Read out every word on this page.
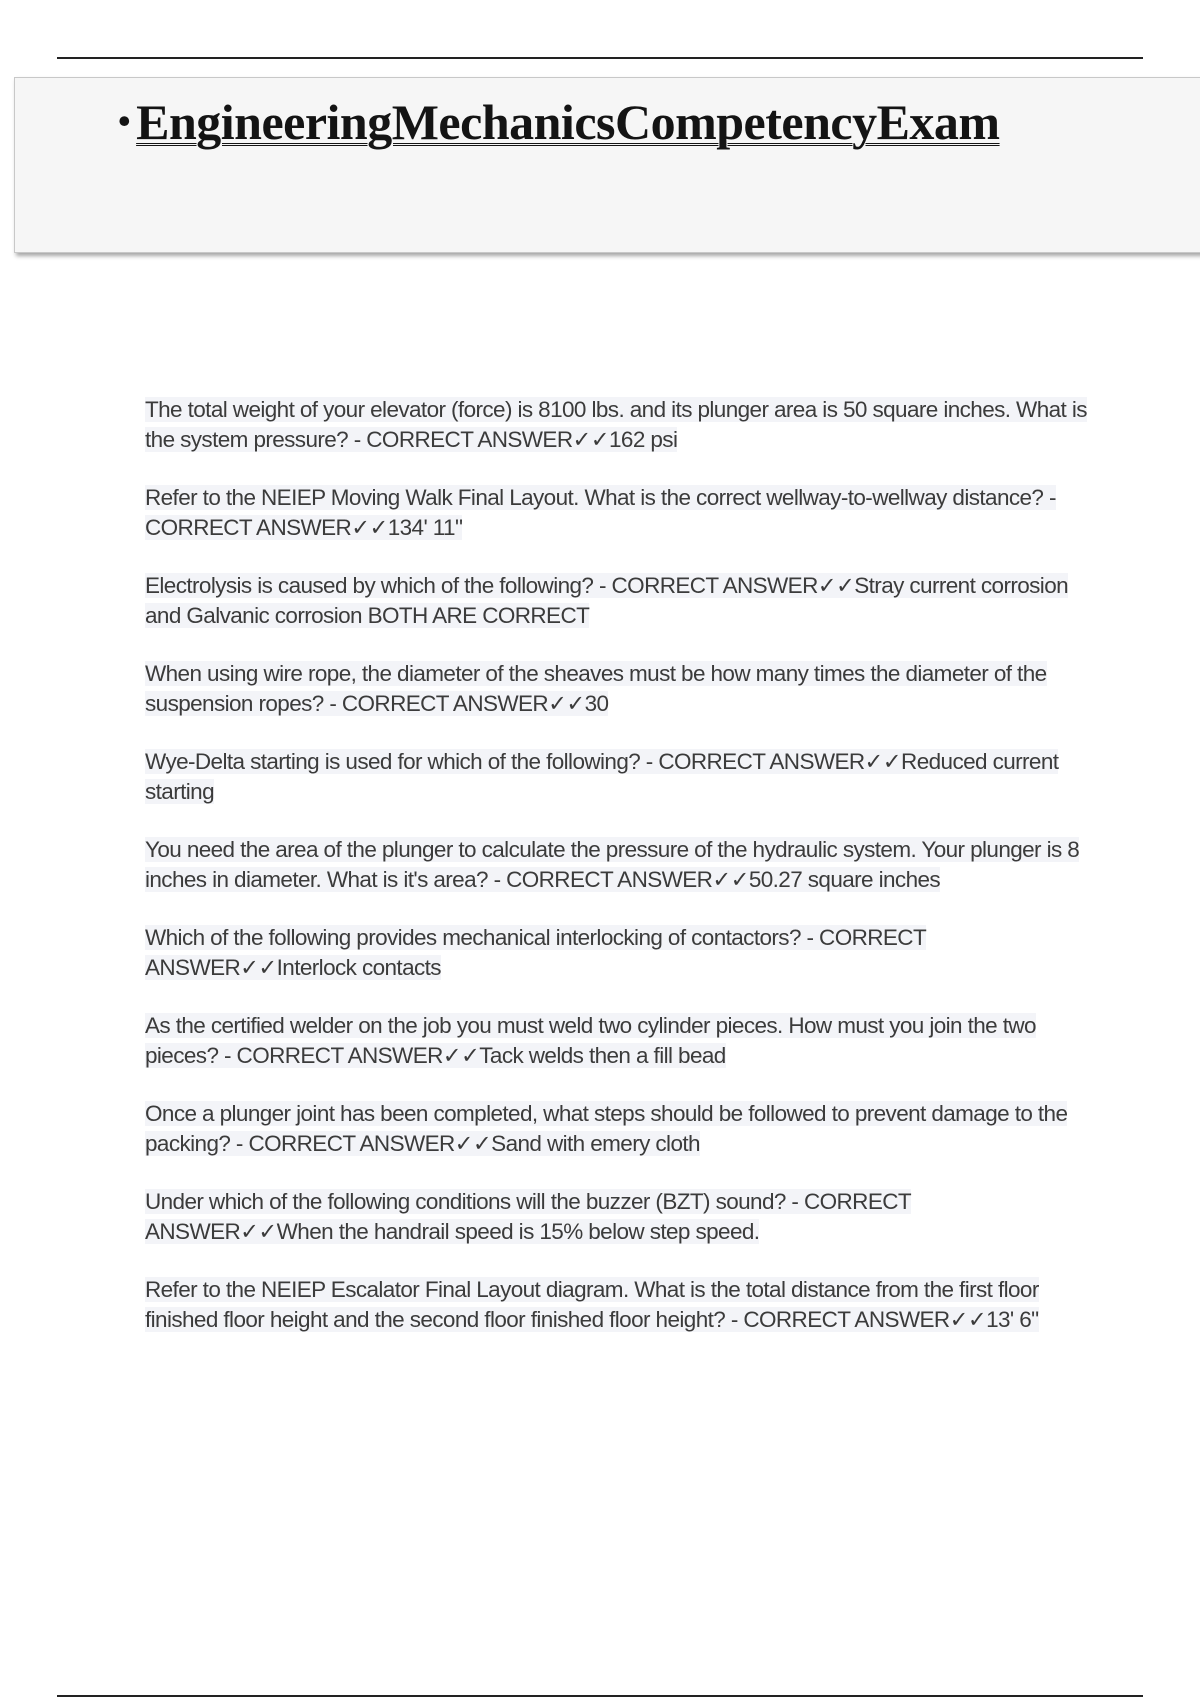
• EngineeringMechanicsCompetencyExam

The total weight of your elevator (force) is 8100 lbs. and its plunger area is 50 square inches. What is the system pressure? - CORRECT ANSWER✓✓162 psi

Refer to the NEIEP Moving Walk Final Layout. What is the correct wellway-to-wellway distance? - CORRECT ANSWER✓✓134' 11"

Electrolysis is caused by which of the following? - CORRECT ANSWER✓✓Stray current corrosion and Galvanic corrosion BOTH ARE CORRECT

When using wire rope, the diameter of the sheaves must be how many times the diameter of the suspension ropes? - CORRECT ANSWER✓✓30

Wye-Delta starting is used for which of the following? - CORRECT ANSWER✓✓Reduced current starting

You need the area of the plunger to calculate the pressure of the hydraulic system. Your plunger is 8 inches in diameter. What is it's area? - CORRECT ANSWER✓✓50.27 square inches

Which of the following provides mechanical interlocking of contactors? - CORRECT ANSWER✓✓Interlock contacts

As the certified welder on the job you must weld two cylinder pieces. How must you join the two pieces? - CORRECT ANSWER✓✓Tack welds then a fill bead

Once a plunger joint has been completed, what steps should be followed to prevent damage to the packing? - CORRECT ANSWER✓✓Sand with emery cloth

Under which of the following conditions will the buzzer (BZT) sound? - CORRECT ANSWER✓✓When the handrail speed is 15% below step speed.

Refer to the NEIEP Escalator Final Layout diagram. What is the total distance from the first floor finished floor height and the second floor finished floor height? - CORRECT ANSWER✓✓13' 6"
